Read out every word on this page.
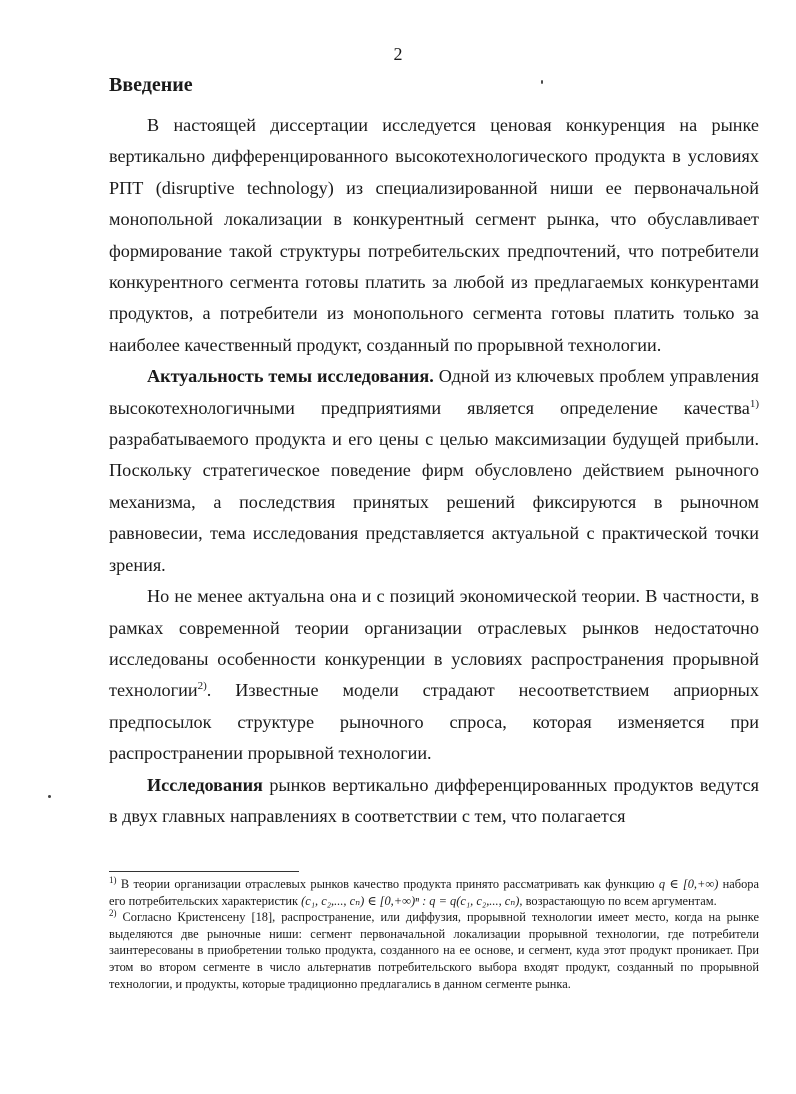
2
Введение

В настоящей диссертации исследуется ценовая конкуренция на рынке вертикально дифференцированного высокотехнологического продукта в условиях РПТ (disruptive technology) из специализированной ниши ее первоначальной монопольной локализации в конкурентный сегмент рынка, что обуславливает формирование такой структуры потребительских предпочтений, что потребители конкурентного сегмента готовы платить за любой из предлагаемых конкурентами продуктов, а потребители из монопольного сегмента готовы платить только за наиболее качественный продукт, созданный по прорывной технологии.

Актуальность темы исследования. Одной из ключевых проблем управления высокотехнологичными предприятиями является определение качества$^{1)}$ разрабатываемого продукта и его цены с целью максимизации будущей прибыли. Поскольку стратегическое поведение фирм обусловлено действием рыночного механизма, а последствия принятых решений фиксируются в рыночном равновесии, тема исследования представляется актуальной с практической точки зрения.

Но не менее актуальна она и с позиций экономической теории. В частности, в рамках современной теории организации отраслевых рынков недостаточно исследованы особенности конкуренции в условиях распространения прорывной технологии$^{2)}$. Известные модели страдают несоответствием априорных предпосылок структуре рыночного спроса, которая изменяется при распространении прорывной технологии.

Исследования рынков вертикально дифференцированных продуктов ведутся в двух главных направлениях в соответствии с тем, что полагается

$^{1)}$ В теории организации отраслевых рынков качество продукта принято рассматривать как функцию q ∈ [0,+∞) набора его потребительских характеристик (c₁, c₂,..., cₙ) ∈ [0,+∞)ⁿ : q = q(c₁, c₂,..., cₙ), возрастающую по всем аргументам.

$^{2)}$ Согласно Кристенсену [18], распространение, или диффузия, прорывной технологии имеет место, когда на рынке выделяются две рыночные ниши: сегмент первоначальной локализации прорывной технологии, где потребители заинтересованы в приобретении только продукта, созданного на ее основе, и сегмент, куда этот продукт проникает. При этом во втором сегменте в число альтернатив потребительского выбора входят продукт, созданный по прорывной технологии, и продукты, которые традиционно предлагались в данном сегменте рынка.
